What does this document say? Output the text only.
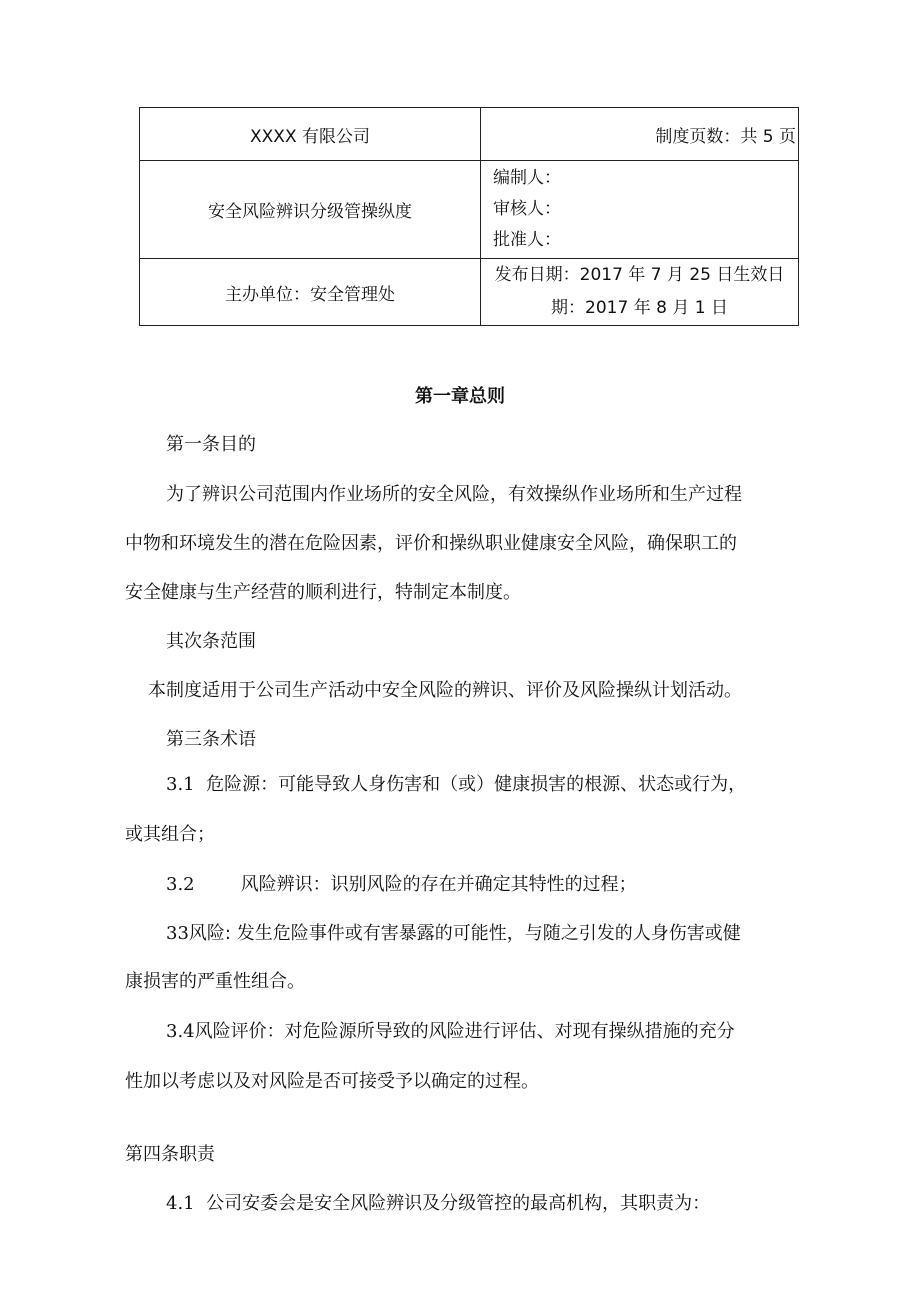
XXXX 有限公司	制度页数：共 5 页

安全风险辨识分级管操纵度	编制人：
审核人：
批准人：

主办单位：安全管理处	发布日期：2017 年 7 月 25 日生效日
期：2017 年 8 月 1 日
第一章总则
第一条目的
为了辨识公司范围内作业场所的安全风险，有效操纵作业场所和生产过程
中物和环境发生的潜在危险因素，评价和操纵职业健康安全风险，确保职工的
安全健康与生产经营的顺利进行，特制定本制度。
其次条范围
本制度适用于公司生产活动中安全风险的辨识、评价及风险操纵计划活动。
第三条术语
3.1 危险源：可能导致人身伤害和（或）健康损害的根源、状态或行为，
或其组合；
3.2	风险辨识：识别风险的存在并确定其特性的过程；
33风险: 发生危险事件或有害暴露的可能性，与随之引发的人身伤害或健
康损害的严重性组合。
3.4风险评价：对危险源所导致的风险进行评估、对现有操纵措施的充分
性加以考虑以及对风险是否可接受予以确定的过程。
第四条职责
4.1 公司安委会是安全风险辨识及分级管控的最高机构，其职责为：
